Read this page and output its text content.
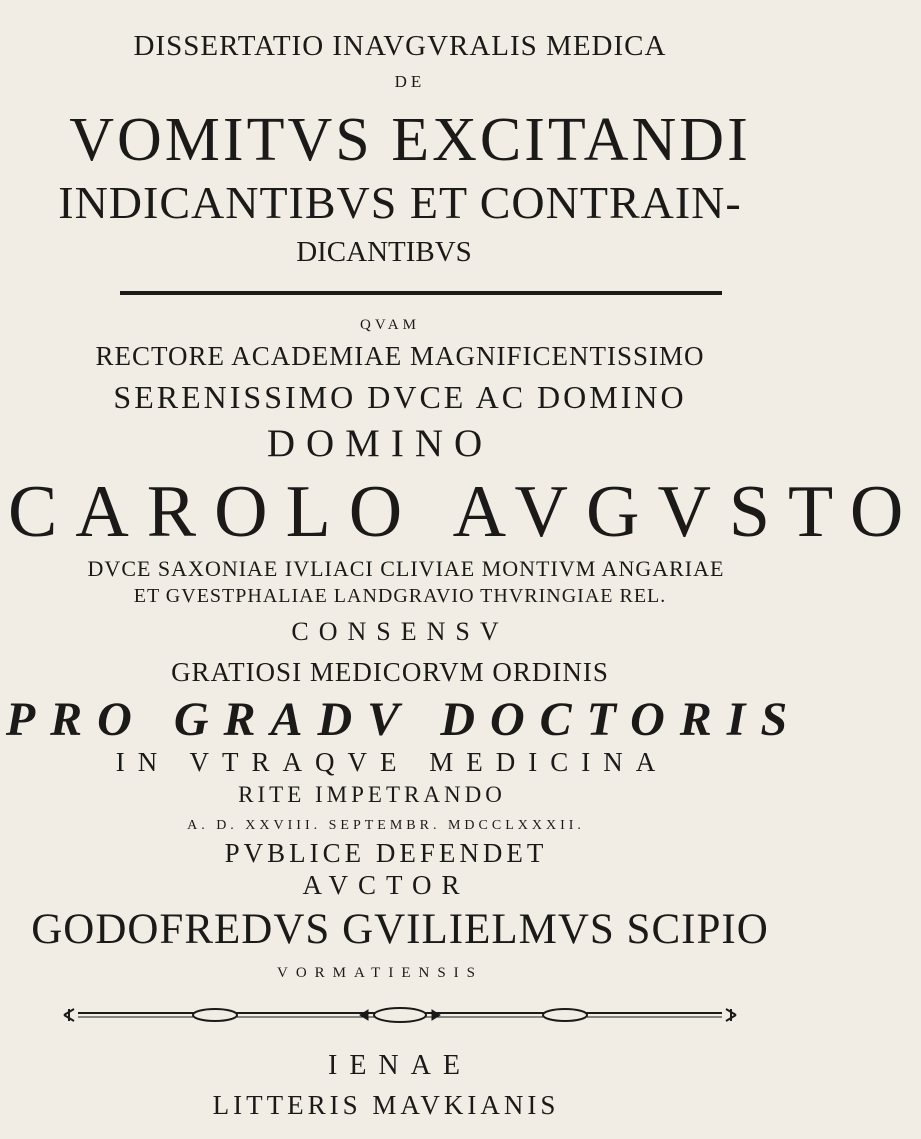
DISSERTATIO INAVGVRALIS MEDICA
DE
VOMITVS EXCITANDI
INDICANTIBVS ET CONTRAIN-
DICANTIBVS
QVAM
RECTORE ACADEMIAE MAGNIFICENTISSIMO
SERENISSIMO DVCE AC DOMINO
DOMINO
CAROLO AVGVSTO
DVCE SAXONIAE IVLIACI CLIVIAE MONTIVM ANGARIAE
ET GVESTPHALIAE LANDGRAVIO THVRINGIAE REL.
CONSENSV
GRATIOSI MEDICORVM ORDINIS
PRO GRADV DOCTORIS
IN VTRAQVE MEDICINA
RITE IMPETRANDO
A. D. XXVIII. SEPTEMBR. MDCCLXXXII.
PVBLICE DEFENDET
AVCTOR
GODOFREDVS GVILIELMVS SCIPIO
VORMATIENSIS
IENAE
LITTERIS MAVKIANIS
